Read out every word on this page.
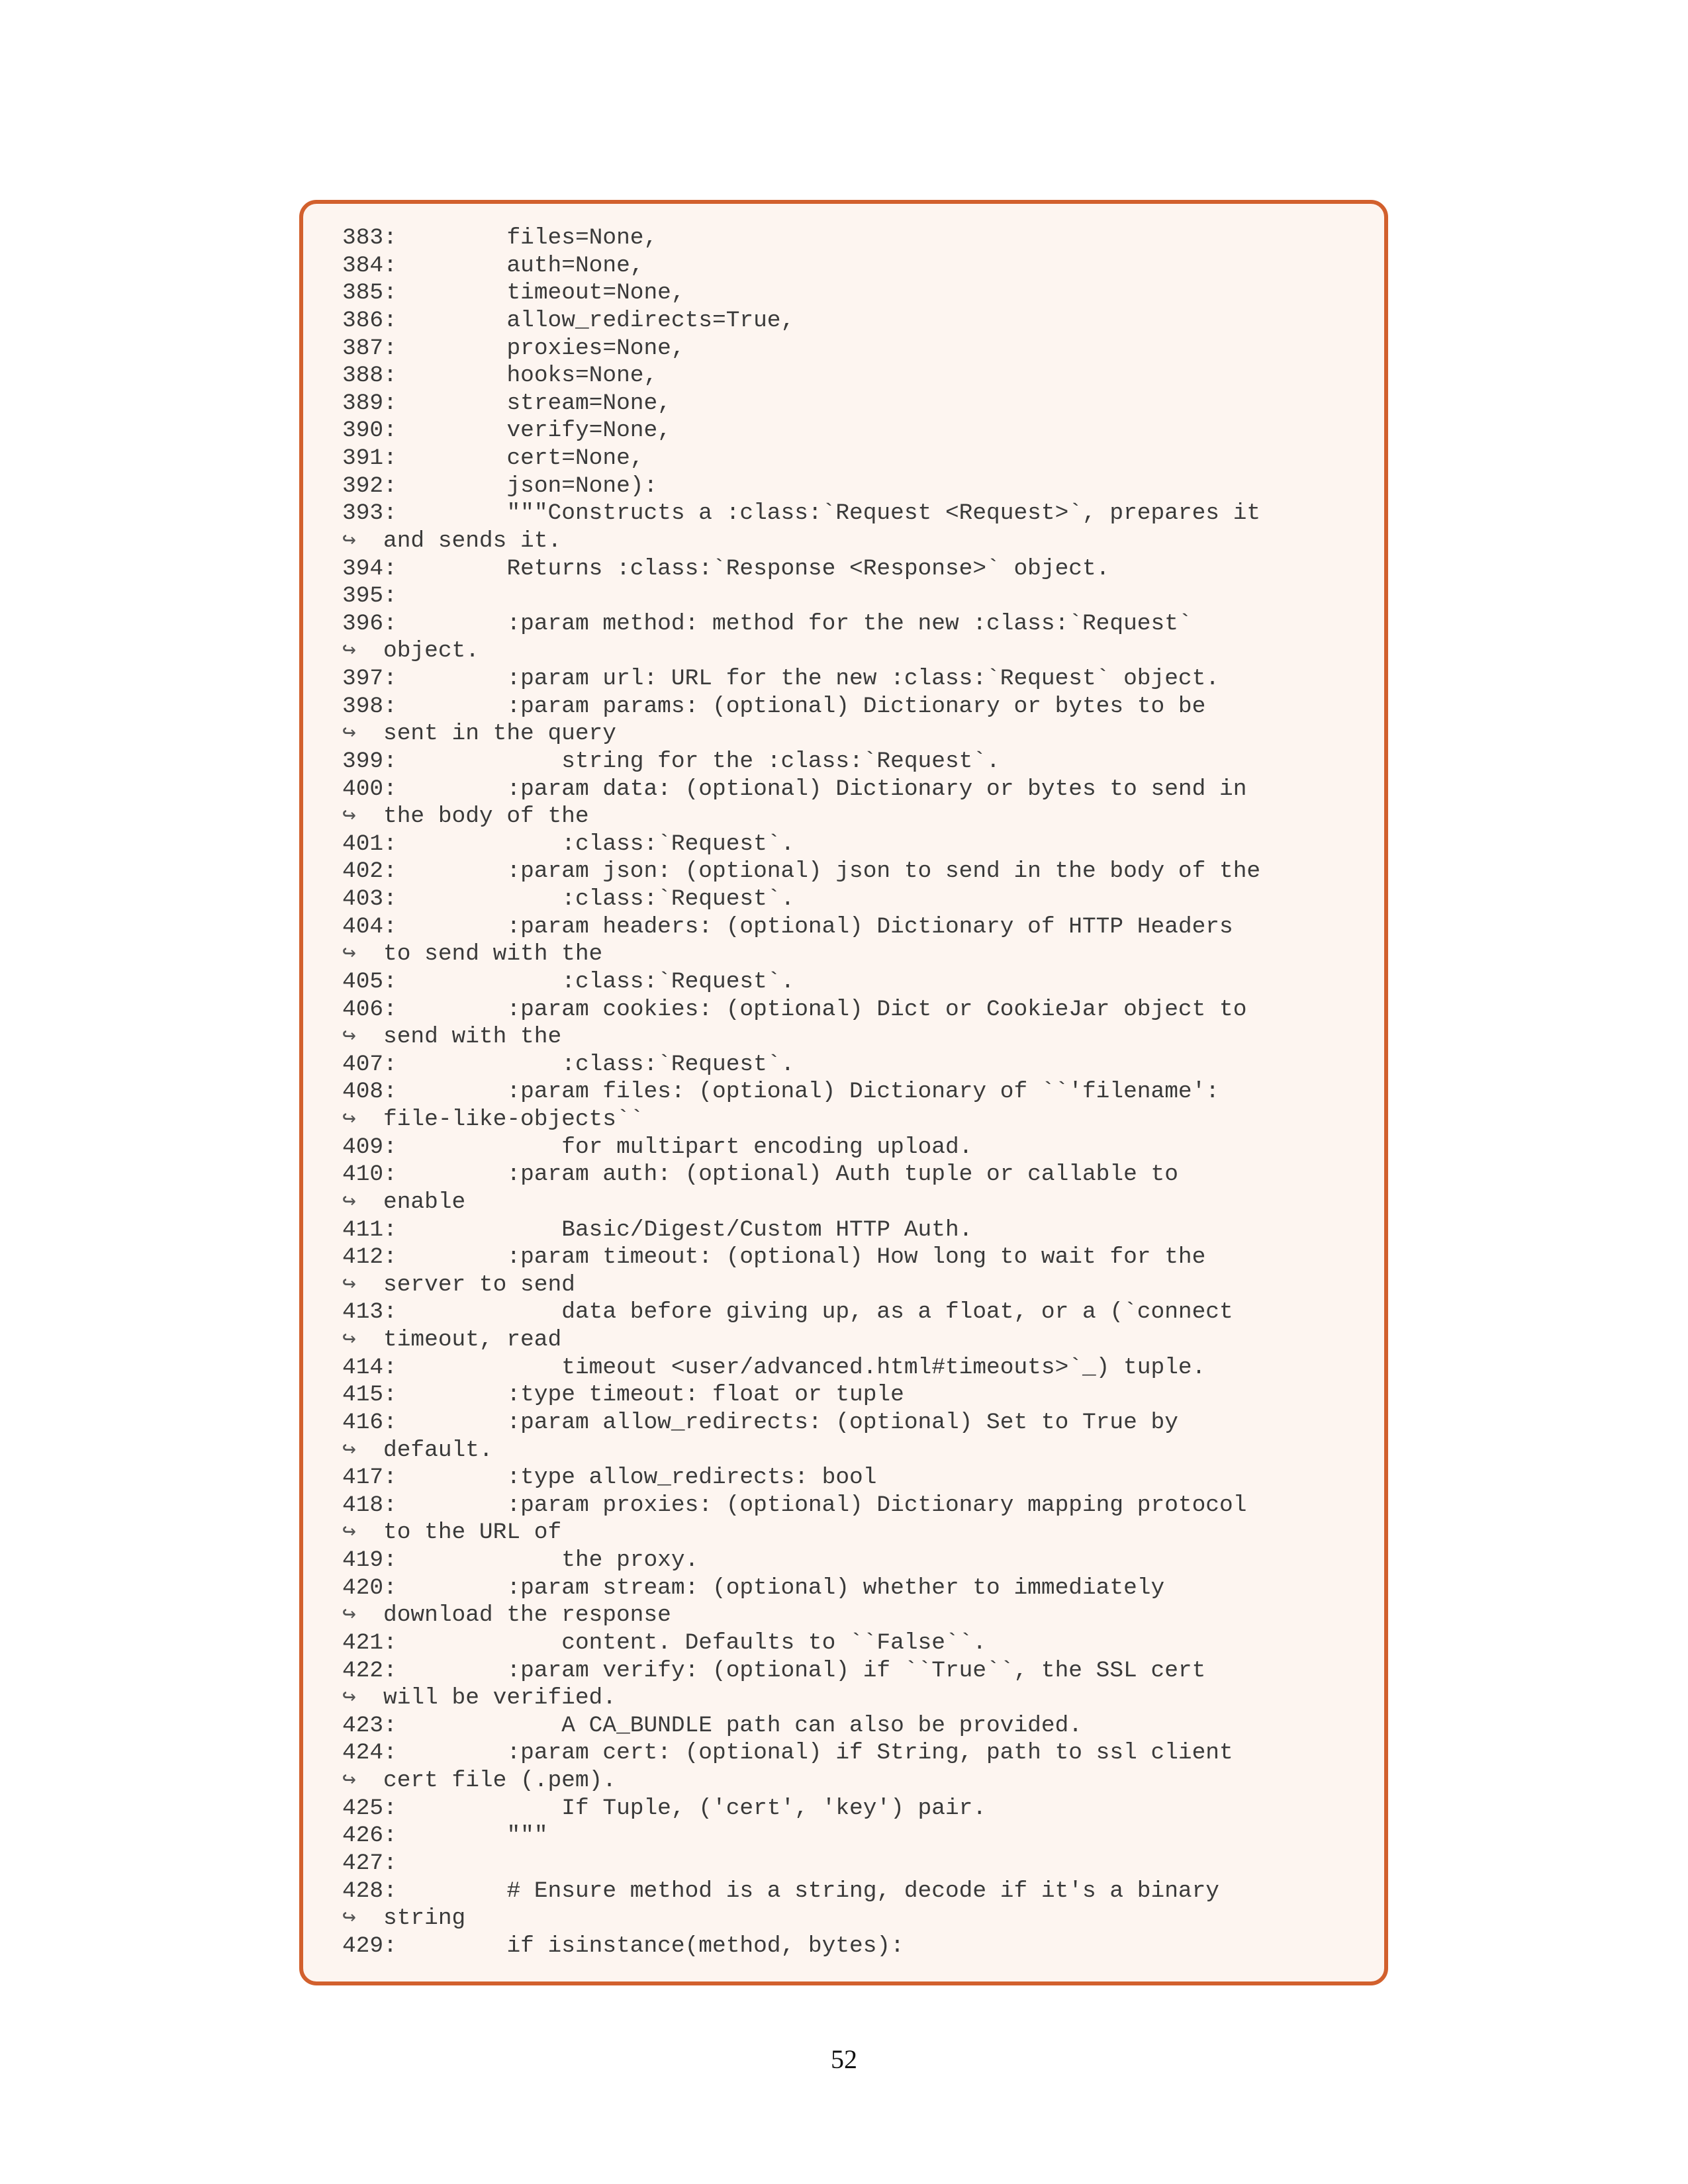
383:        files=None,
384:        auth=None,
385:        timeout=None,
386:        allow_redirects=True,
387:        proxies=None,
388:        hooks=None,
389:        stream=None,
390:        verify=None,
391:        cert=None,
392:        json=None):
393:        """Constructs a :class:`Request <Request>`, prepares it
↪ and sends it.
394:        Returns :class:`Response <Response>` object.
395:
396:        :param method: method for the new :class:`Request`
↪ object.
397:        :param url: URL for the new :class:`Request` object.
398:        :param params: (optional) Dictionary or bytes to be
↪ sent in the query
399:            string for the :class:`Request`.
400:        :param data: (optional) Dictionary or bytes to send in
↪ the body of the
401:            :class:`Request`.
402:        :param json: (optional) json to send in the body of the
403:            :class:`Request`.
404:        :param headers: (optional) Dictionary of HTTP Headers
↪ to send with the
405:            :class:`Request`.
406:        :param cookies: (optional) Dict or CookieJar object to
↪ send with the
407:            :class:`Request`.
408:        :param files: (optional) Dictionary of ``'filename':
↪ file-like-objects``
409:            for multipart encoding upload.
410:        :param auth: (optional) Auth tuple or callable to
↪ enable
411:            Basic/Digest/Custom HTTP Auth.
412:        :param timeout: (optional) How long to wait for the
↪ server to send
413:            data before giving up, as a float, or a (`connect
↪ timeout, read
414:            timeout <user/advanced.html#timeouts>`_) tuple.
415:        :type timeout: float or tuple
416:        :param allow_redirects: (optional) Set to True by
↪ default.
417:        :type allow_redirects: bool
418:        :param proxies: (optional) Dictionary mapping protocol
↪ to the URL of
419:            the proxy.
420:        :param stream: (optional) whether to immediately
↪ download the response
421:            content. Defaults to ``False``.
422:        :param verify: (optional) if ``True``, the SSL cert
↪ will be verified.
423:            A CA_BUNDLE path can also be provided.
424:        :param cert: (optional) if String, path to ssl client
↪ cert file (.pem).
425:            If Tuple, ('cert', 'key') pair.
426:        """
427:
428:        # Ensure method is a string, decode if it's a binary
↪ string
429:        if isinstance(method, bytes):
52
